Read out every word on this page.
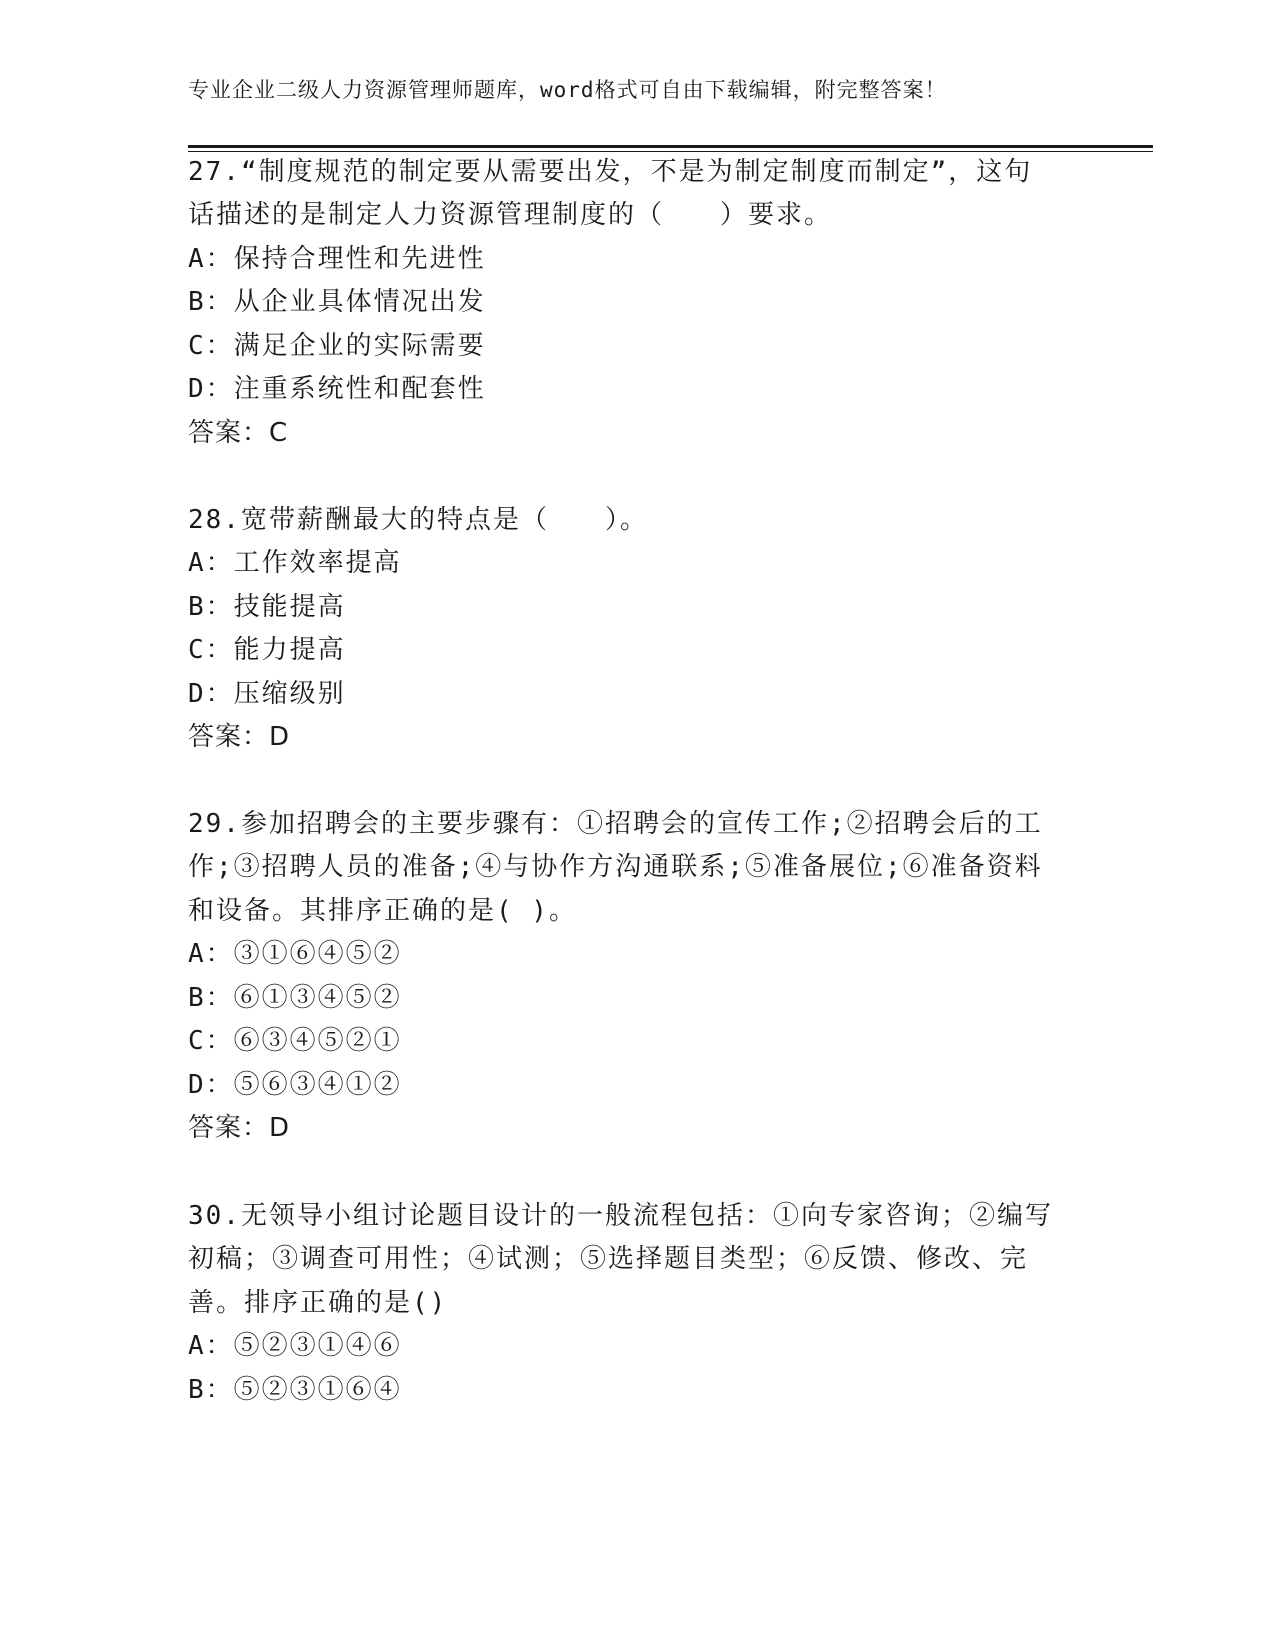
专业企业二级人力资源管理师题库，word格式可自由下载编辑，附完整答案！
27.“制度规范的制定要从需要出发，不是为制定制度而制定”，这句
话描述的是制定人力资源管理制度的（　　）要求。
A：保持合理性和先进性
B：从企业具体情况出发
C：满足企业的实际需要
D：注重系统性和配套性
答案：C
28.宽带薪酬最大的特点是（　　）。
A：工作效率提高
B：技能提高
C：能力提高
D：压缩级别
答案：D
29.参加招聘会的主要步骤有：①招聘会的宣传工作;②招聘会后的工
作;③招聘人员的准备;④与协作方沟通联系;⑤准备展位;⑥准备资料
和设备。其排序正确的是( )。
A：③①⑥④⑤②
B：⑥①③④⑤②
C：⑥③④⑤②①
D：⑤⑥③④①②
答案：D
30.无领导小组讨论题目设计的一般流程包括：①向专家咨询；②编写
初稿；③调查可用性；④试测；⑤选择题目类型；⑥反馈、修改、完
善。排序正确的是()
A：⑤②③①④⑥
B：⑤②③①⑥④
